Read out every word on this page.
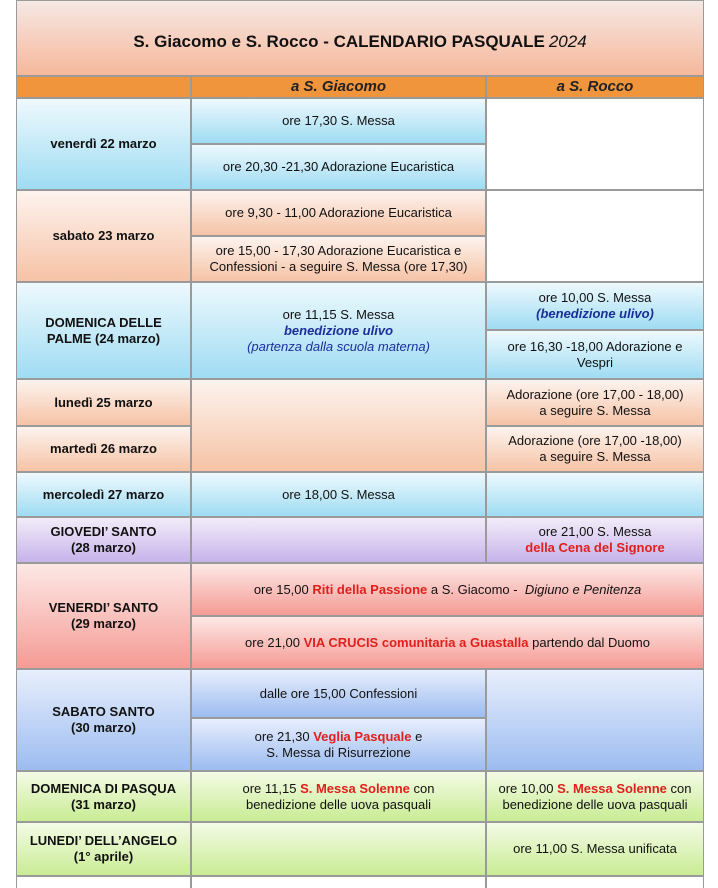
S. Giacomo e S. Rocco - CALENDARIO PASQUALE 2024
a S. Giacomo	a S. Rocco
venerdì 22 marzo
ore 17,30 S. Messa
ore 20,30 -21,30 Adorazione Eucaristica
sabato 23 marzo
ore 9,30 - 11,00 Adorazione Eucaristica
ore 15,00 - 17,30 Adorazione Eucaristica e Confessioni - a seguire S. Messa (ore 17,30)
DOMENICA DELLE PALME (24 marzo)
ore 11,15 S. Messa
benedizione ulivo
(partenza dalla scuola materna)
ore 10,00 S. Messa
(benedizione ulivo)
ore 16,30 -18,00 Adorazione e Vespri
lunedì 25 marzo
martedì 26 marzo
Adorazione (ore 17,00 - 18,00)
a seguire S. Messa
Adorazione (ore 17,00 -18,00)
a seguire S. Messa
mercoledì 27 marzo	ore 18,00 S. Messa
GIOVEDI’ SANTO
(28 marzo)
ore 21,00 S. Messa
della Cena del Signore
VENERDI’ SANTO
(29 marzo)
ore 15,00 Riti della Passione a S. Giacomo - Digiuno e Penitenza
ore 21,00 VIA CRUCIS comunitaria a Guastalla partendo dal Duomo
SABATO SANTO
(30 marzo)
dalle ore 15,00 Confessioni
ore 21,30 Veglia Pasquale e
S. Messa di Risurrezione
DOMENICA DI PASQUA
(31 marzo)
ore 11,15 S. Messa Solenne con
benedizione delle uova pasquali
ore 10,00 S. Messa Solenne con
benedizione delle uova pasquali
LUNEDI’ DELL’ANGELO
(1° aprile)
ore 11,00 S. Messa unificata
